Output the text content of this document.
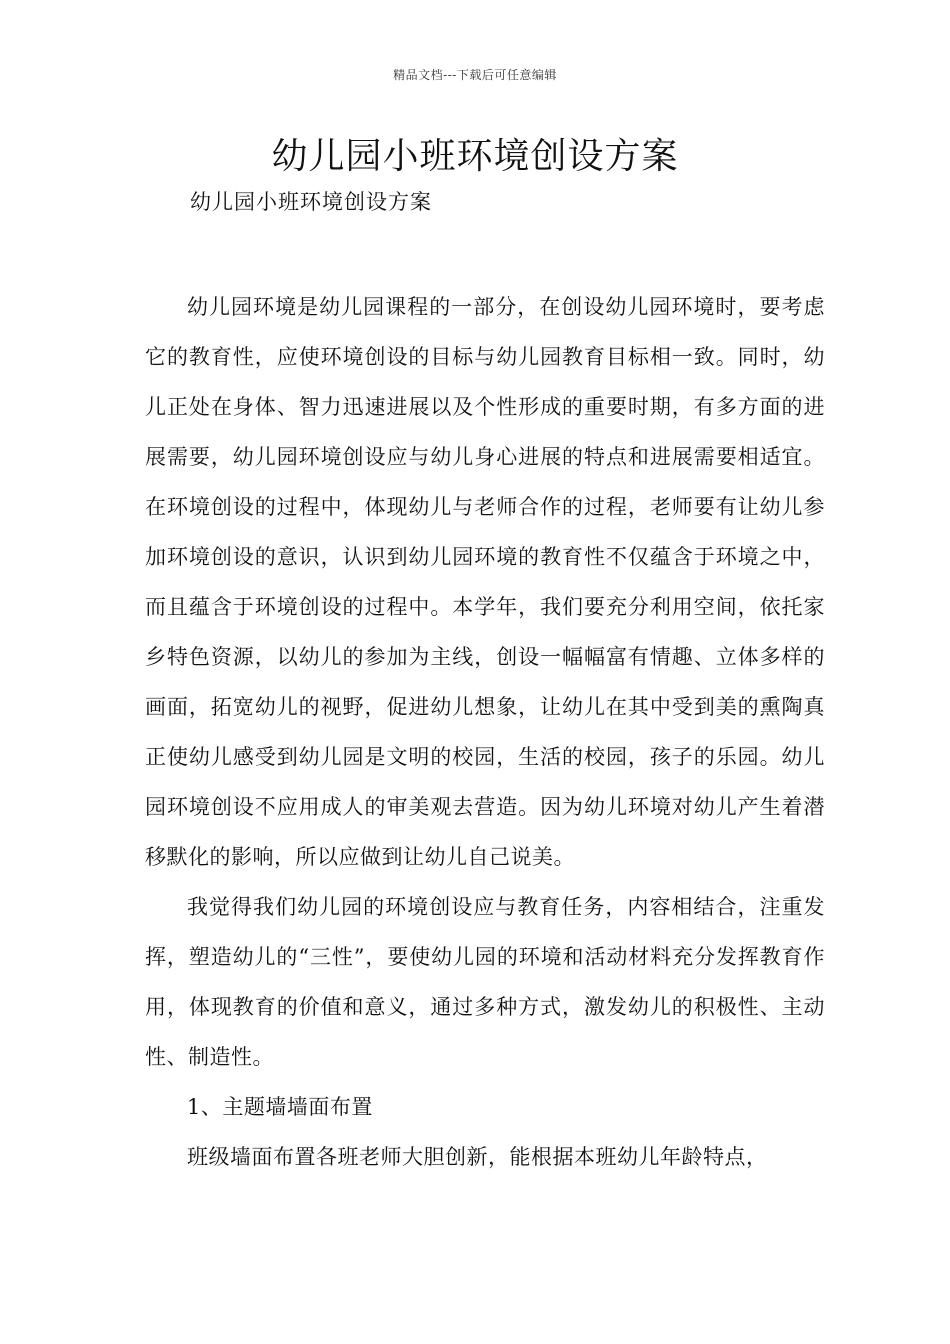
精品文档---下载后可任意编辑
幼儿园小班环境创设方案
幼儿园小班环境创设方案

幼儿园环境是幼儿园课程的一部分，在创设幼儿园环境时，要考虑它的教育性，应使环境创设的目标与幼儿园教育目标相一致。同时，幼儿正处在身体、智力迅速进展以及个性形成的重要时期，有多方面的进展需要，幼儿园环境创设应与幼儿身心进展的特点和进展需要相适宜。在环境创设的过程中，体现幼儿与老师合作的过程，老师要有让幼儿参加环境创设的意识，认识到幼儿园环境的教育性不仅蕴含于环境之中，而且蕴含于环境创设的过程中。本学年，我们要充分利用空间，依托家乡特色资源，以幼儿的参加为主线，创设一幅幅富有情趣、立体多样的画面，拓宽幼儿的视野，促进幼儿想象，让幼儿在其中受到美的熏陶真正使幼儿感受到幼儿园是文明的校园，生活的校园，孩子的乐园。幼儿园环境创设不应用成人的审美观去营造。因为幼儿环境对幼儿产生着潜移默化的影响，所以应做到让幼儿自己说美。

我觉得我们幼儿园的环境创设应与教育任务，内容相结合，注重发挥，塑造幼儿的“三性”，要使幼儿园的环境和活动材料充分发挥教育作用，体现教育的价值和意义，通过多种方式，激发幼儿的积极性、主动性、制造性。

1、主题墙墙面布置

班级墙面布置各班老师大胆创新，能根据本班幼儿年龄特点，
